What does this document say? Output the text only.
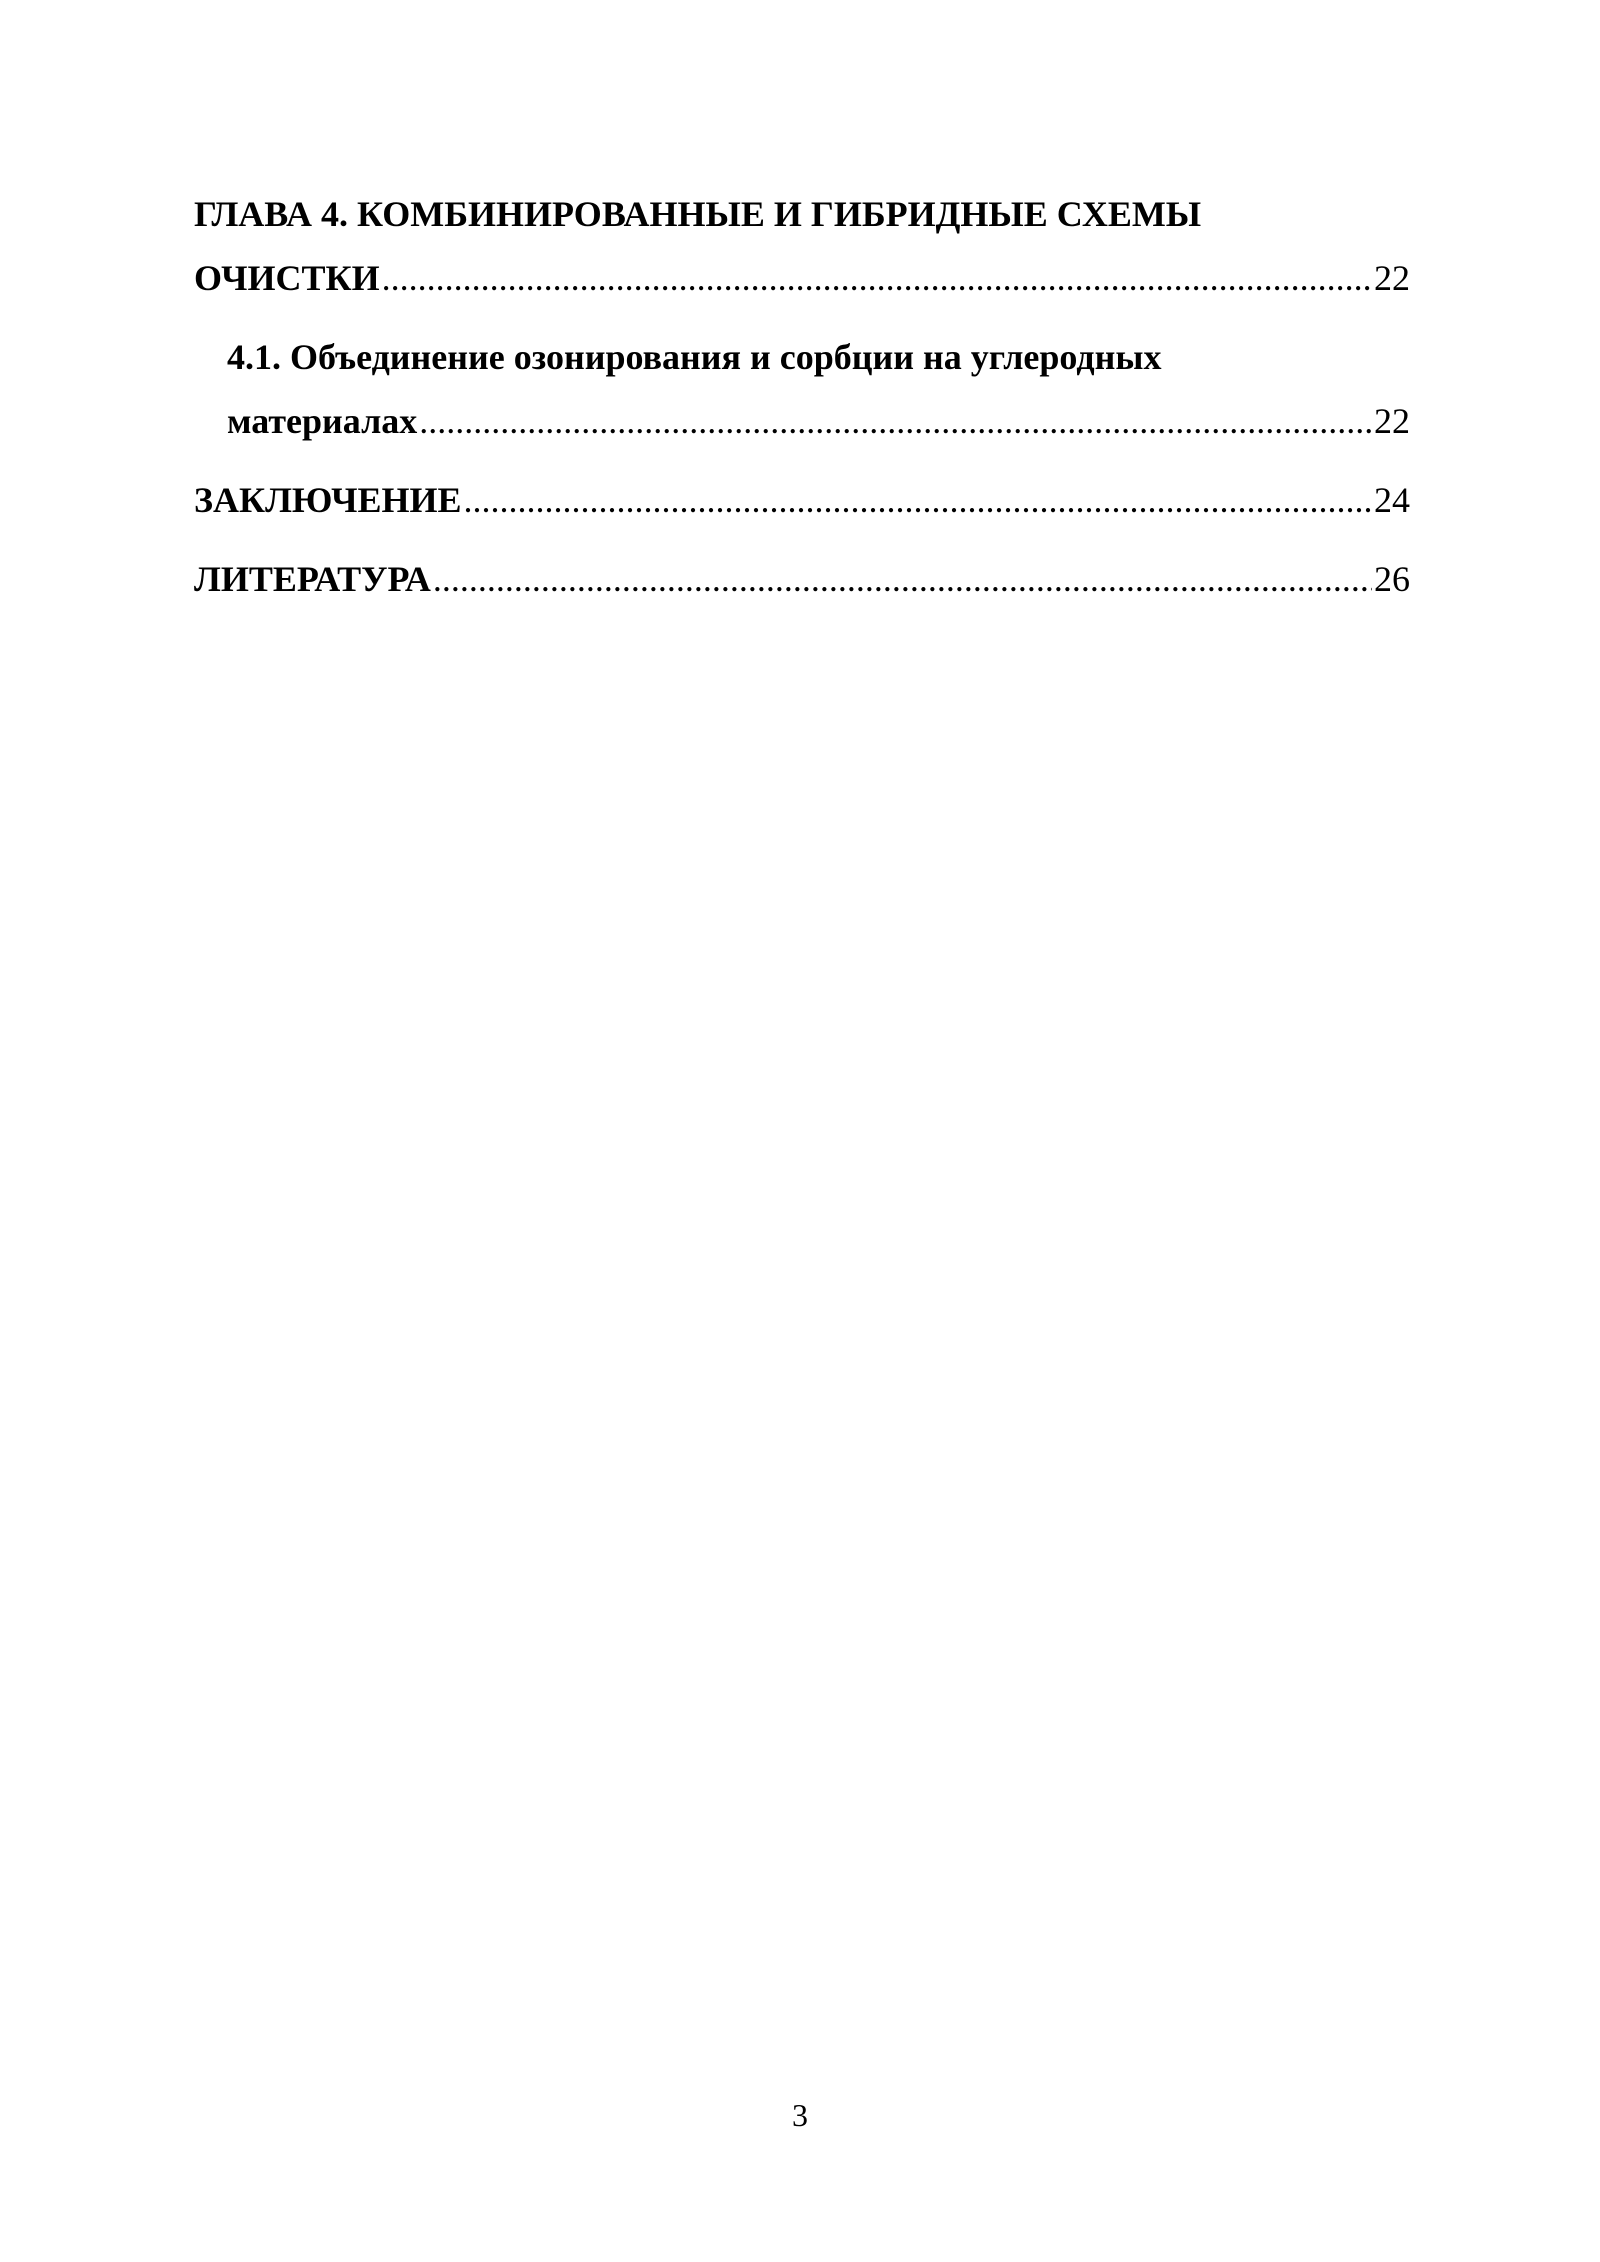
ГЛАВА 4. КОМБИНИРОВАННЫЕ И ГИБРИДНЫЕ СХЕМЫ
ОЧИСТКИ .....	22
4.1. Объединение озонирования и сорбции на углеродных
материалах .....	22
ЗАКЛЮЧЕНИЕ .....	24
ЛИТЕРАТУРА .....	26
3
